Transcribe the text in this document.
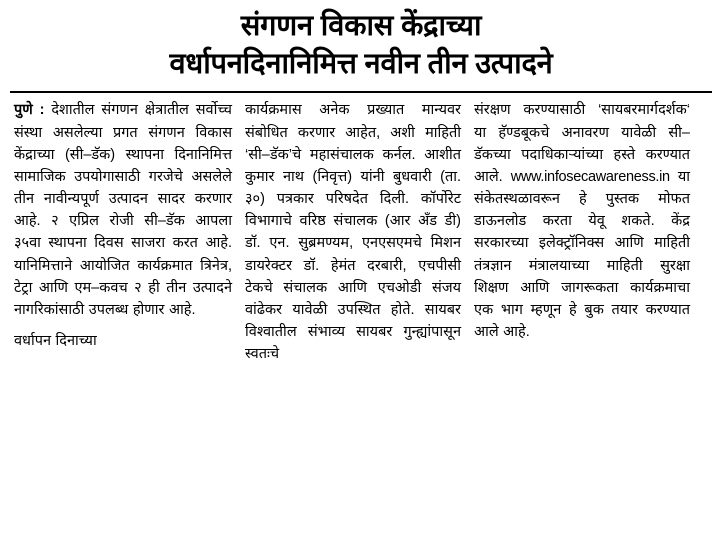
संगणन विकास केंद्राच्या
वर्धापनदिनानिमित्त नवीन तीन उत्पादने

पुणे : देशातील संगणन क्षेत्रातील सर्वोच्च संस्था असलेल्या प्रगत संगणन विकास केंद्राच्या (सी–डॅक) स्थापना दिनानिमित्त सामाजिक उपयोगासाठी गरजेचे असलेले तीन नावीन्यपूर्ण उत्पादन सादर करणार आहे. २ एप्रिल रोजी सी–डॅक आपला ३५वा स्थापना दिवस साजरा करत आहे. यानिमित्ताने आयोजित कार्यक्रमात त्रिनेत्र, टेट्रा आणि एम–कवच २ ही तीन उत्पादने नागरिकांसाठी उपलब्ध होणार आहे.

वर्धापन दिनाच्या

कार्यक्रमास अनेक प्रख्यात मान्यवर संबोधित करणार आहेत, अशी माहिती ‘सी–डॅक’चे महासंचालक कर्नल. आशीत कुमार नाथ (निवृत्त) यांनी बुधवारी (ता. ३०) पत्रकार परिषदेत दिली. कॉर्पोरेट विभागाचे वरिष्ठ संचालक (आर अँड डी) डॉ. एन. सुब्रमण्यम, एनएसएमचे मिशन डायरेक्टर डॉ. हेमंत दरबारी, एचपीसी टेकचे संचालक आणि एचओडी संजय वांढेकर यावेळी उपस्थित होते. सायबर विश्वातील संभाव्य सायबर गुन्ह्यांपासून स्वतःचे

संरक्षण करण्यासाठी ‘सायबरमार्गदर्शक‘ या हॅण्डबूकचे अनावरण यावेळी सी–डॅकच्या पदाधिकाऱ्यांच्या हस्ते करण्यात आले. www.infosecawareness.in या संकेतस्थळावरून हे पुस्तक मोफत डाऊनलोड करता येवू शकते. केंद्र सरकारच्या इलेक्ट्रॉनिक्स आणि माहिती तंत्रज्ञान मंत्रालयाच्या माहिती सुरक्षा शिक्षण आणि जागरूकता कार्यक्रमाचा एक भाग म्हणून हे बुक तयार करण्यात आले आहे.
